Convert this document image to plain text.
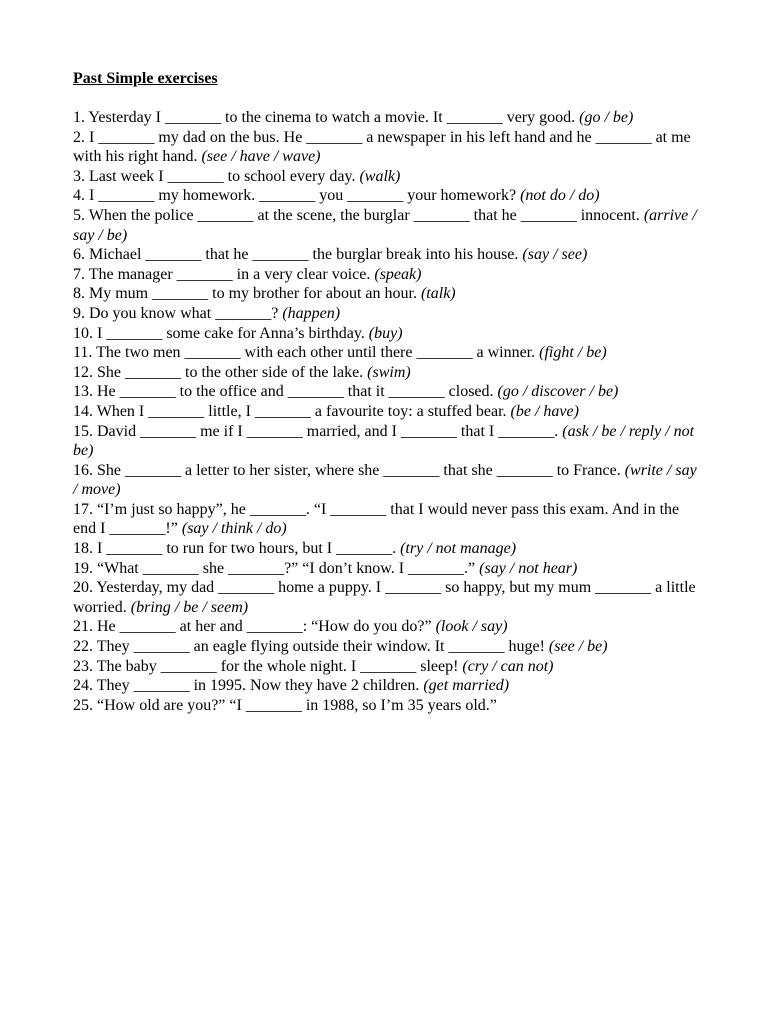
Past Simple exercises

1. Yesterday I _______ to the cinema to watch a movie. It _______ very good. (go / be)

2. I _______ my dad on the bus. He _______ a newspaper in his left hand and he _______ at me with his right hand. (see / have / wave)

3. Last week I _______ to school every day. (walk)

4. I _______ my homework. _______ you _______ your homework? (not do / do)

5. When the police _______ at the scene, the burglar _______ that he _______ innocent. (arrive / say / be)

6. Michael _______ that he _______ the burglar break into his house. (say / see)

7. The manager _______ in a very clear voice. (speak)

8. My mum _______ to my brother for about an hour. (talk)

9. Do you know what _______? (happen)

10. I _______ some cake for Anna’s birthday. (buy)

11. The two men _______ with each other until there _______ a winner. (fight / be)

12. She _______ to the other side of the lake. (swim)

13. He _______ to the office and _______ that it _______ closed. (go / discover / be)

14. When I _______ little, I _______ a favourite toy: a stuffed bear. (be / have)

15. David _______ me if I _______ married, and I _______ that I _______. (ask / be / reply / not be)

16. She _______ a letter to her sister, where she _______ that she _______ to France. (write / say / move)

17. “I’m just so happy”, he _______. “I _______ that I would never pass this exam. And in the end I _______!” (say / think / do)

18. I _______ to run for two hours, but I _______. (try / not manage)

19. “What _______ she _______?” “I don’t know. I _______.” (say / not hear)

20. Yesterday, my dad _______ home a puppy. I _______ so happy, but my mum _______ a little worried. (bring / be / seem)

21. He _______ at her and _______: “How do you do?” (look / say)

22. They _______ an eagle flying outside their window. It _______ huge! (see / be)

23. The baby _______ for the whole night. I _______ sleep! (cry / can not)

24. They _______ in 1995. Now they have 2 children. (get married)

25. “How old are you?” “I _______ in 1988, so I’m 35 years old.”
